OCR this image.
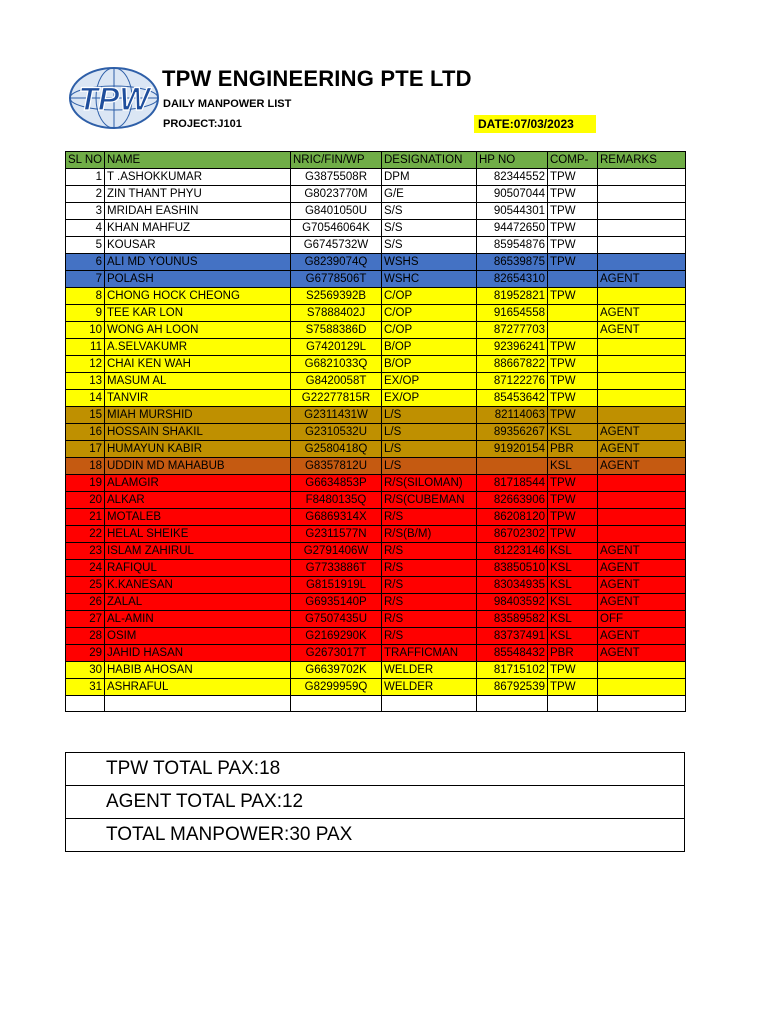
TPW
TPW ENGINEERING PTE LTD
DAILY MANPOWER LIST
PROJECT:J101	DATE:07/03/2023
SL NO	NAME	NRIC/FIN/WP	DESIGNATION	HP NO	COMP-	REMARKS
1	T .ASHOKKUMAR	G3875508R	DPM	82344552	TPW	
2	ZIN THANT PHYU	G8023770M	G/E	90507044	TPW	
3	MRIDAH EASHIN	G8401050U	S/S	90544301	TPW	
4	KHAN MAHFUZ	G70546064K	S/S	94472650	TPW	
5	KOUSAR	G6745732W	S/S	85954876	TPW	
6	ALI MD YOUNUS	G8239074Q	WSHS	86539875	TPW	
7	POLASH	G6778506T	WSHC	82654310		AGENT
8	CHONG HOCK CHEONG	S2569392B	C/OP	81952821	TPW	
9	TEE KAR LON	S7888402J	C/OP	91654558		AGENT
10	WONG AH LOON	S7588386D	C/OP	87277703		AGENT
11	A.SELVAKUMR	G7420129L	B/OP	92396241	TPW	
12	CHAI KEN WAH	G6821033Q	B/OP	88667822	TPW	
13	MASUM AL	G8420058T	EX/OP	87122276	TPW	
14	TANVIR	G22277815R	EX/OP	85453642	TPW	
15	MIAH MURSHID	G2311431W	L/S	82114063	TPW	
16	HOSSAIN SHAKIL	G2310532U	L/S	89356267	KSL	AGENT
17	HUMAYUN KABIR	G2580418Q	L/S	91920154	PBR	AGENT
18	UDDIN MD MAHABUB	G8357812U	L/S		KSL	AGENT
19	ALAMGIR	G6634853P	R/S(SILOMAN)	81718544	TPW	
20	ALKAR	F8480135Q	R/S(CUBEMAN	82663906	TPW	
21	MOTALEB	G6869314X	R/S	86208120	TPW	
22	HELAL SHEIKE	G2311577N	R/S(B/M)	86702302	TPW	
23	ISLAM ZAHIRUL	G2791406W	R/S	81223146	KSL	AGENT
24	RAFIQUL	G7733886T	R/S	83850510	KSL	AGENT
25	K.KANESAN	G8151919L	R/S	83034935	KSL	AGENT
26	ZALAL	G6935140P	R/S	98403592	KSL	AGENT
27	AL-AMIN	G7507435U	R/S	83589582	KSL	OFF
28	OSIM	G2169290K	R/S	83737491	KSL	AGENT
29	JAHID HASAN	G2673017T	TRAFFICMAN	85548432	PBR	AGENT
30	HABIB AHOSAN	G6639702K	WELDER	81715102	TPW	
31	ASHRAFUL	G8299959Q	WELDER	86792539	TPW	

TPW TOTAL PAX:18
AGENT TOTAL PAX:12
TOTAL MANPOWER:30 PAX
